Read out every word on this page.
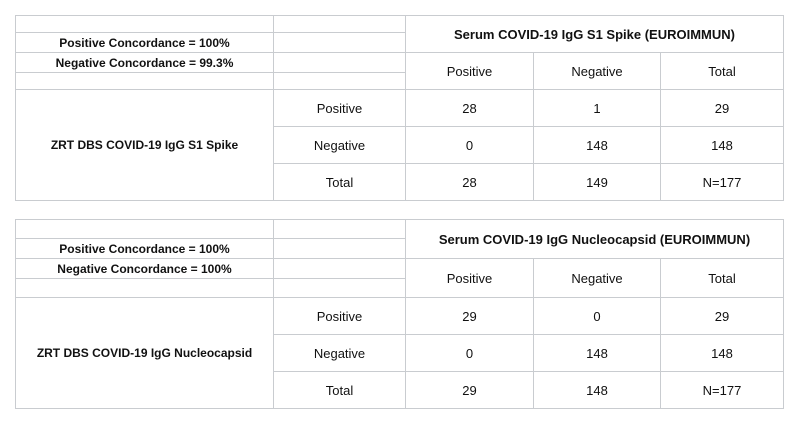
		Serum COVID-19 IgG S1 Spike (EUROIMMUN)		
Positive Concordance = 100%				
Negative Concordance = 99.3%		Positive	Negative	Total

ZRT DBS COVID-19 IgG S1 Spike	Positive	28	1	29
	Negative	0	148	148
	Total	28	149	N=177
		Serum COVID-19 IgG Nucleocapsid (EUROIMMUN)		
Positive Concordance = 100%				
Negative Concordance = 100%		Positive	Negative	Total

ZRT DBS COVID-19 IgG Nucleocapsid	Positive	29	0	29
	Negative	0	148	148
	Total	29	148	N=177
